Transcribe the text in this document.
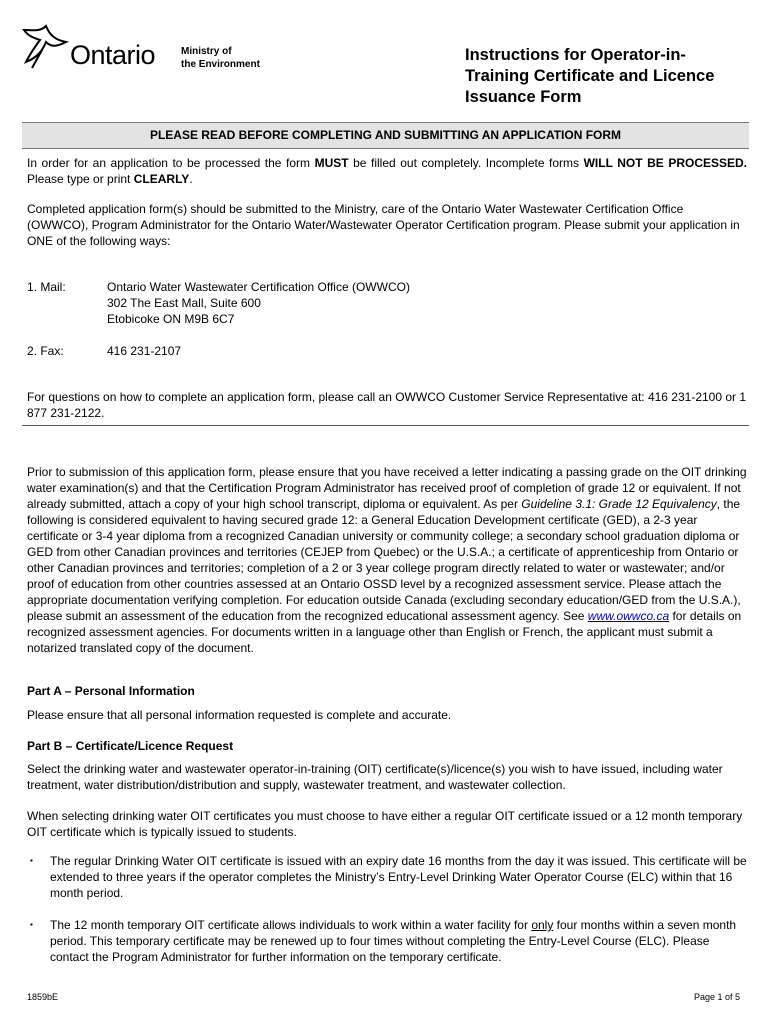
Ontario	Ministry of
the Environment	Instructions for Operator-in-
Training Certificate and Licence
Issuance Form
PLEASE READ BEFORE COMPLETING AND SUBMITTING AN APPLICATION FORM
In order for an application to be processed the form MUST be filled out completely. Incomplete forms WILL NOT BE PROCESSED. Please type or print CLEARLY.
Completed application form(s) should be submitted to the Ministry, care of the Ontario Water Wastewater Certification Office (OWWCO), Program Administrator for the Ontario Water/Wastewater Operator Certification program. Please submit your application in ONE of the following ways:
1. Mail:	Ontario Water Wastewater Certification Office (OWWCO)
302 The East Mall, Suite 600
Etobicoke ON M9B 6C7
2. Fax:	416 231-2107
For questions on how to complete an application form, please call an OWWCO Customer Service Representative at: 416 231-2100 or 1 877 231-2122.
Prior to submission of this application form, please ensure that you have received a letter indicating a passing grade on the OIT drinking water examination(s) and that the Certification Program Administrator has received proof of completion of grade 12 or equivalent. If not already submitted, attach a copy of your high school transcript, diploma or equivalent. As per Guideline 3.1: Grade 12 Equivalency, the following is considered equivalent to having secured grade 12: a General Education Development certificate (GED), a 2-3 year certificate or 3-4 year diploma from a recognized Canadian university or community college; a secondary school graduation diploma or GED from other Canadian provinces and territories (CEJEP from Quebec) or the U.S.A.; a certificate of apprenticeship from Ontario or other Canadian provinces and territories; completion of a 2 or 3 year college program directly related to water or wastewater; and/or proof of education from other countries assessed at an Ontario OSSD level by a recognized assessment service. Please attach the appropriate documentation verifying completion. For education outside Canada (excluding secondary education/GED from the U.S.A.), please submit an assessment of the education from the recognized educational assessment agency. See www.owwco.ca for details on recognized assessment agencies. For documents written in a language other than English or French, the applicant must submit a notarized translated copy of the document.
Part A – Personal Information
Please ensure that all personal information requested is complete and accurate.
Part B – Certificate/Licence Request
Select the drinking water and wastewater operator-in-training (OIT) certificate(s)/licence(s) you wish to have issued, including water treatment, water distribution/distribution and supply, wastewater treatment, and wastewater collection.
When selecting drinking water OIT certificates you must choose to have either a regular OIT certificate issued or a 12 month temporary OIT certificate which is typically issued to students.
▪ The regular Drinking Water OIT certificate is issued with an expiry date 16 months from the day it was issued. This certificate will be extended to three years if the operator completes the Ministry’s Entry-Level Drinking Water Operator Course (ELC) within that 16 month period.
▪ The 12 month temporary OIT certificate allows individuals to work within a water facility for only four months within a seven month period. This temporary certificate may be renewed up to four times without completing the Entry-Level Course (ELC). Please contact the Program Administrator for further information on the temporary certificate.
1859bE	Page 1 of 5
